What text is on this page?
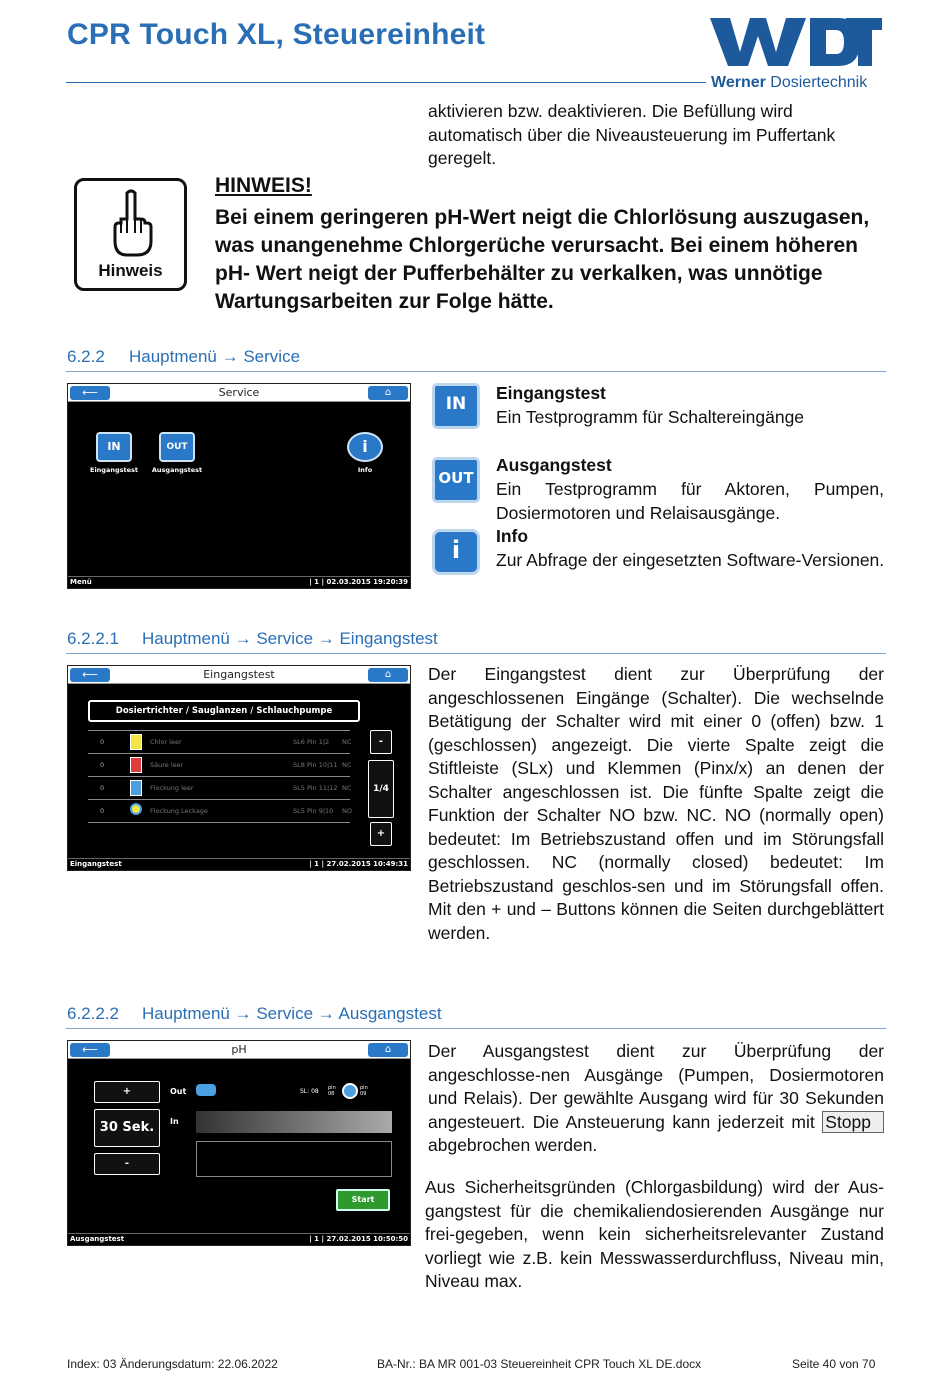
CPR Touch XL, Steuereinheit
Werner Dosiertechnik
aktivieren bzw. deaktivieren. Die Befüllung wird automatisch über die Niveausteuerung im Puffertank geregelt.
Hinweis
HINWEIS!
Bei einem geringeren pH-Wert neigt die Chlorlösung auszugasen, was unangenehme Chlorgerüche verursacht. Bei einem höheren pH- Wert neigt der Pufferbehälter zu verkalken, was unnötige Wartungsarbeiten zur Folge hätte.
6.2.2 Hauptmenü → Service
⟵	Service	⌂
IN
Eingangstest
OUT
Ausgangstest
i
Info
Menü	| 1 | 02.03.2015 19:20:39
IN
Eingangstest
Ein Testprogramm für Schaltereingänge
OUT
Ausgangstest
Ein Testprogramm für Aktoren, Pumpen, Dosiermotoren und Relaisausgänge.
i	Info
Zur Abfrage der eingesetzten Software-Versionen.
6.2.2.1 Hauptmenü → Service → Eingangstest
⟵	Eingangstest	⌂
Dosiertrichter / Sauglanzen / Schlauchpumpe
0	Chlor leer	SL6 Pin 1|2 NC
0	Säure leer	SL8 Pin 10|11 NC
0	Flockung leer	SL5 Pin 11|12 NC
0	Flockung Leckage	SL5 Pin 9|10 NO
-
1/4
+
Eingangstest	| 1 | 27.02.2015 10:49:31
Der Eingangstest dient zur Überprüfung der angeschlossenen Eingänge (Schalter). Die wechselnde Betätigung der Schalter wird mit einer 0 (offen) bzw. 1 (geschlossen) angezeigt. Die vierte Spalte zeigt die Stiftleiste (SLx) und Klemmen (Pinx/x) an denen der Schalter angeschlossen ist. Die fünfte Spalte zeigt die Funktion der Schalter NO bzw. NC. NO (normally open) bedeutet: Im Betriebszustand offen und im Störungsfall geschlossen. NC (normally closed) bedeutet: Im Betriebszustand geschlos-sen und im Störungsfall offen. Mit den + und – Buttons können die Seiten durchgeblättert werden.
6.2.2.2 Hauptmenü → Service → Ausgangstest
⟵	pH	⌂
+
30 Sek.
-
Out	SL: 08 pin 08
pin 09
In
Start
Ausgangstest	| 1 | 27.02.2015 10:50:50
Der Ausgangstest dient zur Überprüfung der angeschlosse-nen Ausgänge (Pumpen, Dosiermotoren und Relais). Der gewählte Ausgang wird für 30 Sekunden angesteuert. Die Ansteuerung kann jederzeit mit Stopp abgebrochen werden.
Aus Sicherheitsgründen (Chlorgasbildung) wird der Aus-gangstest für die chemikaliendosierenden Ausgänge nur frei-gegeben, wenn kein sicherheitsrelevanter Zustand vorliegt wie z.B. kein Messwasserdurchfluss, Niveau min, Niveau max.
Index: 03 Änderungsdatum: 22.06.2022	BA-Nr.: BA MR 001-03 Steuereinheit CPR Touch XL DE.docx	Seite 40 von 70
